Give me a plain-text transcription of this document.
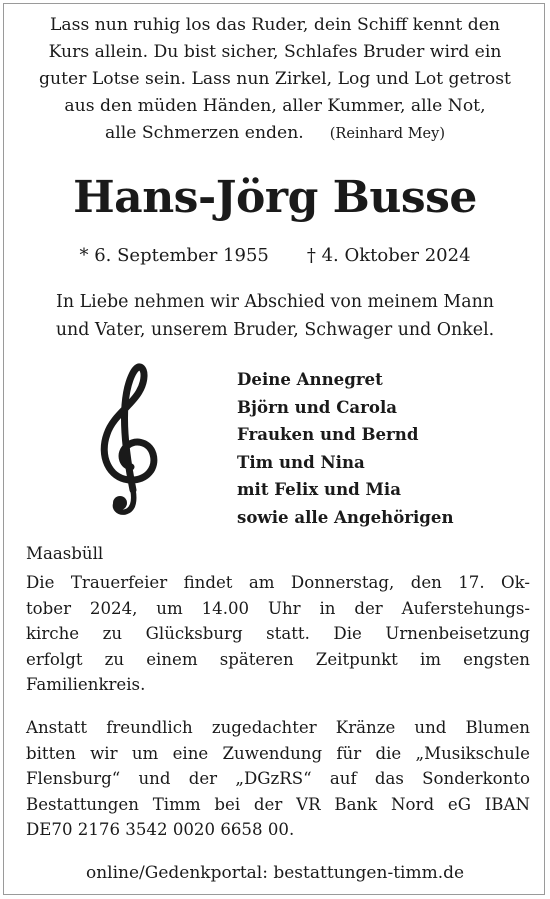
Lass nun ruhig los das Ruder, dein Schiff kennt den
Kurs allein. Du bist sicher, Schlafes Bruder wird ein
guter Lotse sein. Lass nun Zirkel, Log und Lot getrost
aus den müden Händen, aller Kummer, alle Not,
alle Schmerzen enden. (Reinhard Mey)
Hans-Jörg Busse
* 6. September 1955 † 4. Oktober 2024
In Liebe nehmen wir Abschied von meinem Mann
und Vater, unserem Bruder, Schwager und Onkel.
Deine Annegret
Björn und Carola
Frauken und Bernd
Tim und Nina
mit Felix und Mia
sowie alle Angehörigen
Maasbüll
Die Trauerfeier findet am Donnerstag, den 17. Ok-
tober 2024, um 14.00 Uhr in der Auferstehungs-
kirche zu Glücksburg statt. Die Urnenbeisetzung
erfolgt zu einem späteren Zeitpunkt im engsten
Familienkreis.
Anstatt freundlich zugedachter Kränze und Blumen
bitten wir um eine Zuwendung für die „Musikschule
Flensburg“ und der „DGzRS“ auf das Sonderkonto
Bestattungen Timm bei der VR Bank Nord eG IBAN
DE70 2176 3542 0020 6658 00.
online/Gedenkportal: bestattungen-timm.de
